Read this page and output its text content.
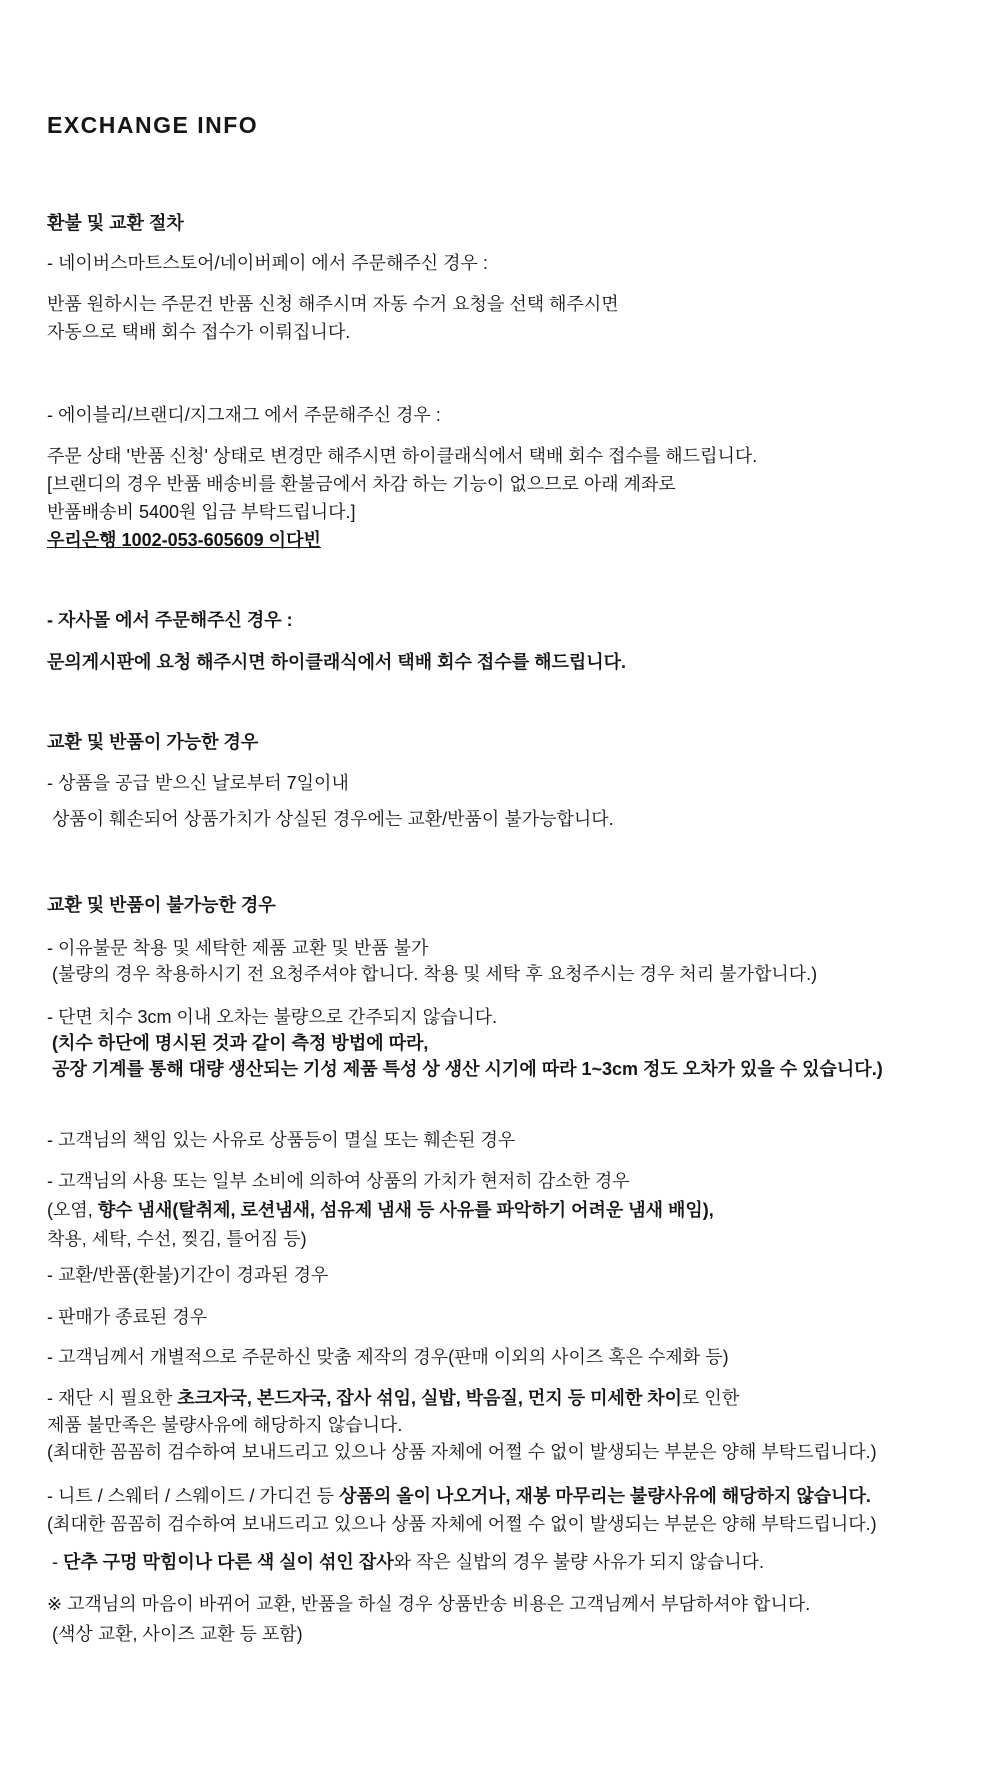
EXCHANGE INFO
환불 및 교환 절차

- 네이버스마트스토어/네이버페이 에서 주문해주신 경우 :

반품 원하시는 주문건 반품 신청 해주시며 자동 수거 요청을 선택 해주시면
자동으로 택배 회수 접수가 이뤄집니다.

- 에이블리/브랜디/지그재그 에서 주문해주신 경우 :

주문 상태 '반품 신청' 상태로 변경만 해주시면 하이클래식에서 택배 회수 접수를 해드립니다.
[브랜디의 경우 반품 배송비를 환불금에서 차감 하는 기능이 없으므로 아래 계좌로
반품배송비 5400원 입금 부탁드립니다.]
우리은행 1002-053-605609 이다빈

- 자사몰 에서 주문해주신 경우 :

문의게시판에 요청 해주시면 하이클래식에서 택배 회수 접수를 해드립니다.

교환 및 반품이 가능한 경우

- 상품을 공급 받으신 날로부터 7일이내

상품이 훼손되어 상품가치가 상실된 경우에는 교환/반품이 불가능합니다.

교환 및 반품이 불가능한 경우

- 이유불문 착용 및 세탁한 제품 교환 및 반품 불가
(불량의 경우 착용하시기 전 요청주셔야 합니다. 착용 및 세탁 후 요청주시는 경우 처리 불가합니다.)

- 단면 치수 3cm 이내 오차는 불량으로 간주되지 않습니다.
(치수 하단에 명시된 것과 같이 측정 방법에 따라,
공장 기계를 통해 대량 생산되는 기성 제품 특성 상 생산 시기에 따라 1~3cm 정도 오차가 있을 수 있습니다.)

- 고객님의 책임 있는 사유로 상품등이 멸실 또는 훼손된 경우

- 고객님의 사용 또는 일부 소비에 의하여 상품의 가치가 현저히 감소한 경우
(오염, 향수 냄새(탈취제, 로션냄새, 섬유제 냄새 등 사유를 파악하기 어려운 냄새 배임),
착용, 세탁, 수선, 찢김, 틀어짐 등)

- 교환/반품(환불)기간이 경과된 경우

- 판매가 종료된 경우

- 고객님께서 개별적으로 주문하신 맞춤 제작의 경우(판매 이외의 사이즈 혹은 수제화 등)

- 재단 시 필요한 초크자국, 본드자국, 잡사 섞임, 실밥, 박음질, 먼지 등 미세한 차이로 인한
제품 불만족은 불량사유에 해당하지 않습니다.
(최대한 꼼꼼히 검수하여 보내드리고 있으나 상품 자체에 어쩔 수 없이 발생되는 부분은 양해 부탁드립니다.)

- 니트 / 스웨터 / 스웨이드 / 가디건 등 상품의 올이 나오거나, 재봉 마무리는 불량사유에 해당하지 않습니다.
(최대한 꼼꼼히 검수하여 보내드리고 있으나 상품 자체에 어쩔 수 없이 발생되는 부분은 양해 부탁드립니다.)

- 단추 구멍 막힘이나 다른 색 실이 섞인 잡사와 작은 실밥의 경우 불량 사유가 되지 않습니다.

※ 고객님의 마음이 바뀌어 교환, 반품을 하실 경우 상품반송 비용은 고객님께서 부담하셔야 합니다.
(색상 교환, 사이즈 교환 등 포함)
